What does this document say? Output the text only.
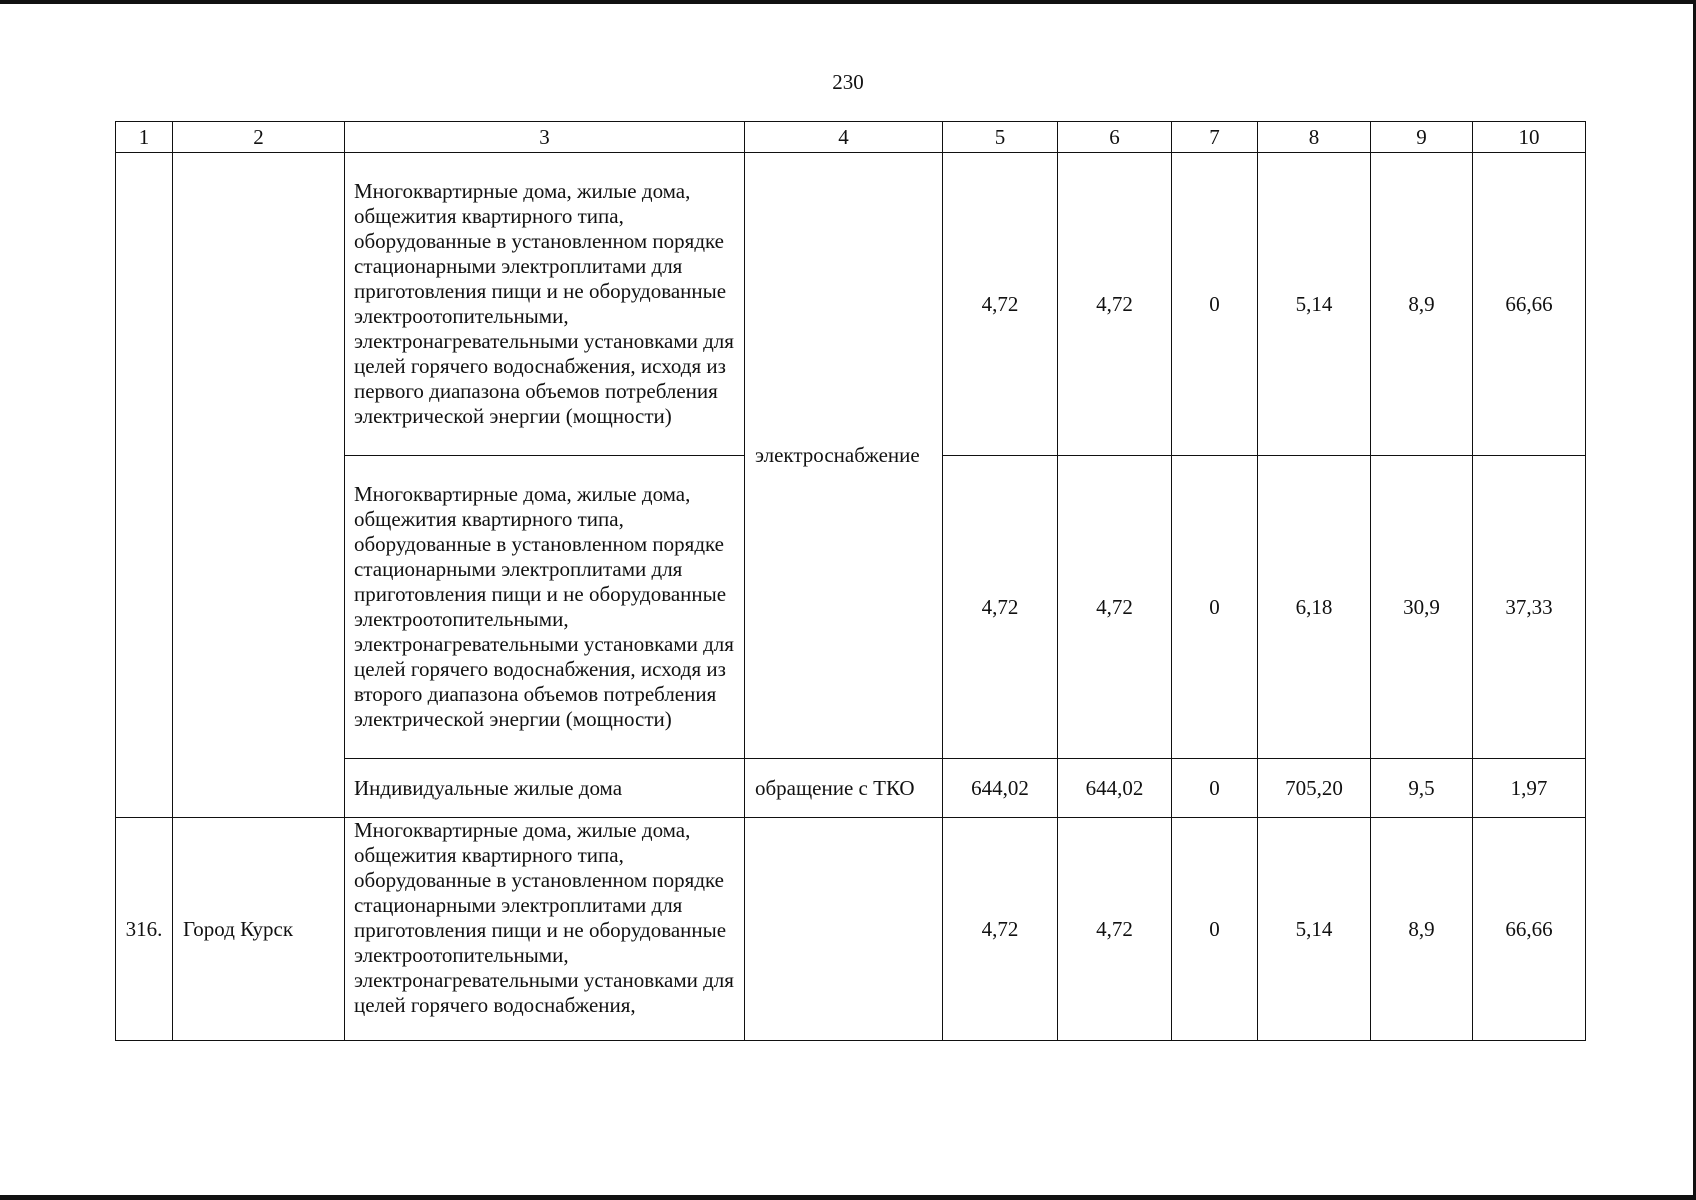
230
1	2	3	4	5	6	7	8	9	10
		Многоквартирные дома, жилые дома, общежития квартирного типа, оборудованные в установленном порядке стационарными электроплитами для приготовления пищи и не оборудованные электроотопительными, электронагревательными установками для целей горячего водоснабжения, исходя из первого диапазона объемов потребления электрической энергии (мощности)	электроснабжение	4,72	4,72	0	5,14	8,9	66,66
		Многоквартирные дома, жилые дома, общежития квартирного типа, оборудованные в установленном порядке стационарными электроплитами для приготовления пищи и не оборудованные электроотопительными, электронагревательными установками для целей горячего водоснабжения, исходя из второго диапазона объемов потребления электрической энергии (мощности)		4,72	4,72	0	6,18	30,9	37,33
		Индивидуальные жилые дома	обращение с ТКО	644,02	644,02	0	705,20	9,5	1,97
316.	Город Курск	Многоквартирные дома, жилые дома, общежития квартирного типа, оборудованные в установленном порядке стационарными электроплитами для приготовления пищи и не оборудованные электроотопительными, электронагревательными установками для целей горячего водоснабжения,		4,72	4,72	0	5,14	8,9	66,66
